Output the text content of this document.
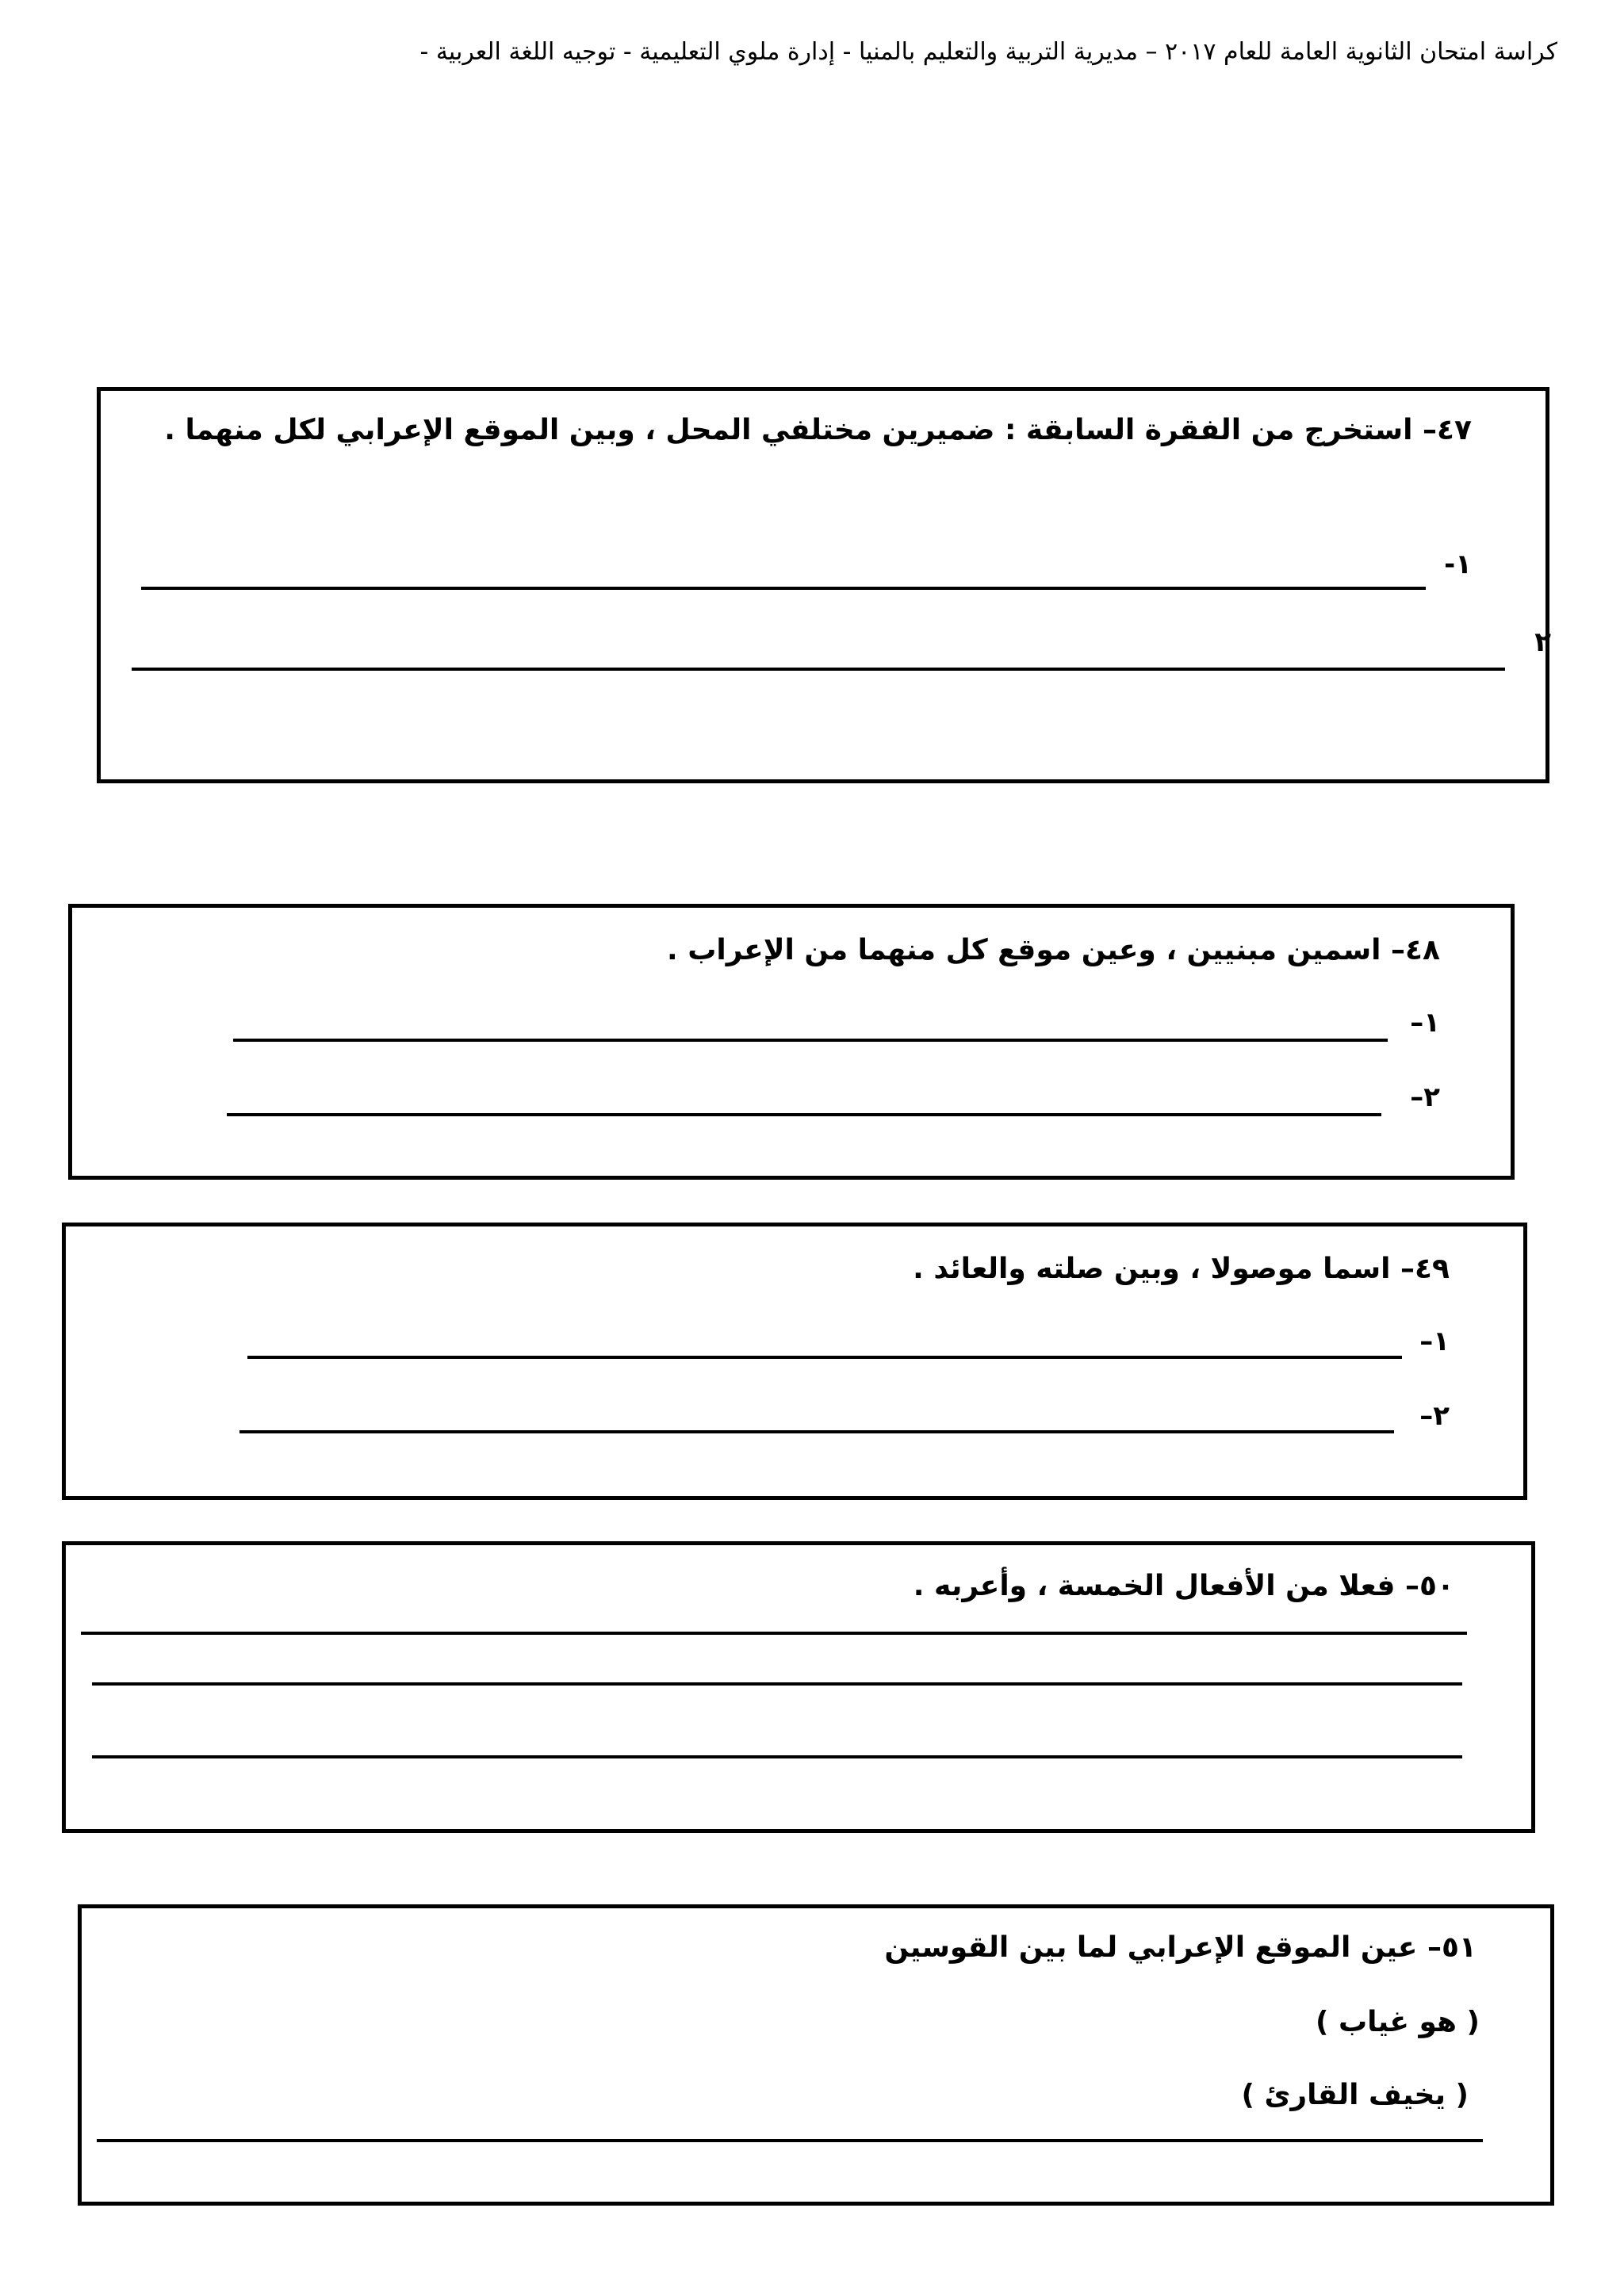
كراسة امتحان الثانوية العامة للعام ٢٠١٧ – مديرية التربية والتعليم بالمنيا - إدارة ملوي التعليمية - توجيه اللغة العربية -
٤٧– استخرج من الفقرة السابقة : ضميرين مختلفي المحل ، وبين الموقع الإعرابي لكل منهما .
١-
٢
٤٨– اسمين مبنيين ، وعين موقع كل منهما من الإعراب .
١–
٢–
٤٩– اسما موصولا ، وبين صلته والعائد .
١–
٢–
٥٠– فعلا من الأفعال الخمسة ، وأعربه .
٥١– عين الموقع الإعرابي لما بين القوسين
( هو غياب )
( يخيف القارئ )
